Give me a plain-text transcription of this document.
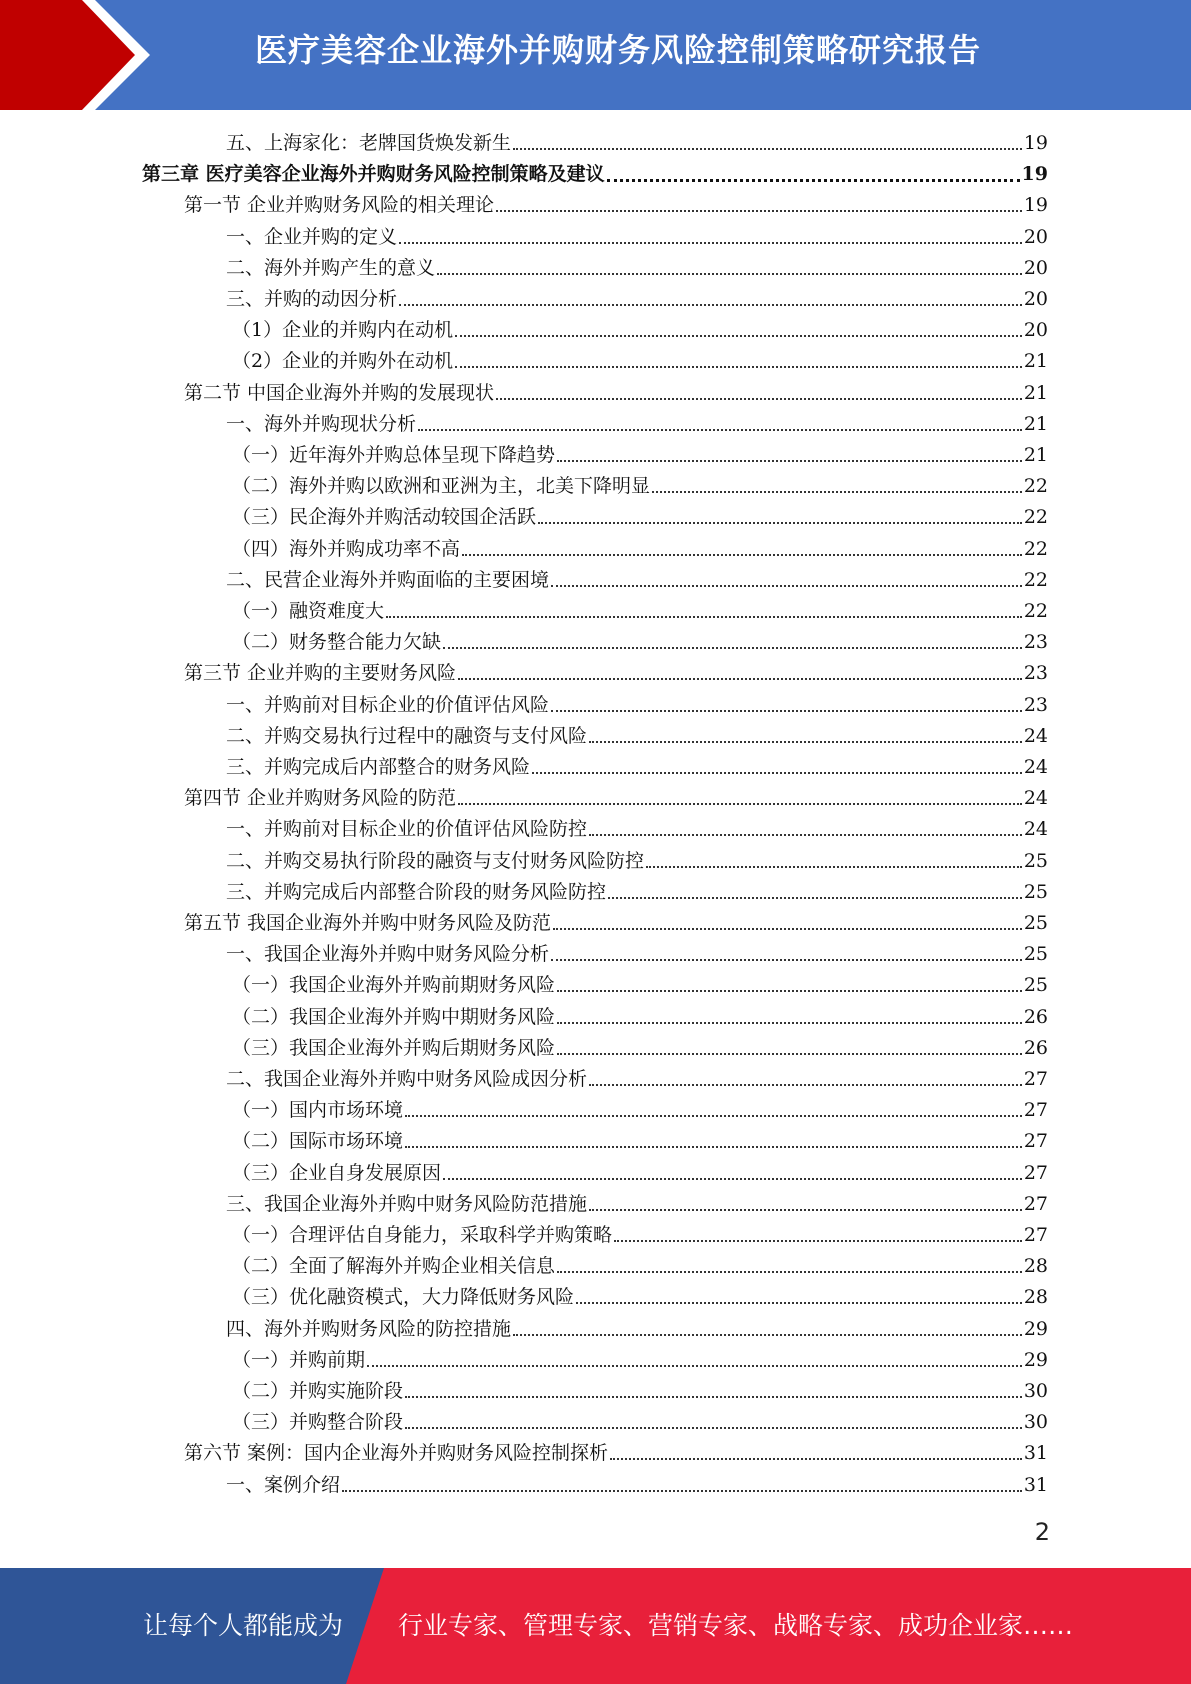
医疗美容企业海外并购财务风险控制策略研究报告
五、上海家化：老牌国货焕发新生	19
第三章 医疗美容企业海外并购财务风险控制策略及建议	19
第一节 企业并购财务风险的相关理论	19
一、企业并购的定义	20
二、海外并购产生的意义	20
三、并购的动因分析	20
（1）企业的并购内在动机	20
（2）企业的并购外在动机	21
第二节 中国企业海外并购的发展现状	21
一、海外并购现状分析	21
（一）近年海外并购总体呈现下降趋势	21
（二）海外并购以欧洲和亚洲为主，北美下降明显	22
（三）民企海外并购活动较国企活跃	22
（四）海外并购成功率不高	22
二、民营企业海外并购面临的主要困境	22
（一）融资难度大	22
（二）财务整合能力欠缺	23
第三节 企业并购的主要财务风险	23
一、并购前对目标企业的价值评估风险	23
二、并购交易执行过程中的融资与支付风险	24
三、并购完成后内部整合的财务风险	24
第四节 企业并购财务风险的防范	24
一、并购前对目标企业的价值评估风险防控	24
二、并购交易执行阶段的融资与支付财务风险防控	25
三、并购完成后内部整合阶段的财务风险防控	25
第五节 我国企业海外并购中财务风险及防范	25
一、我国企业海外并购中财务风险分析	25
（一）我国企业海外并购前期财务风险	25
（二）我国企业海外并购中期财务风险	26
（三）我国企业海外并购后期财务风险	26
二、我国企业海外并购中财务风险成因分析	27
（一）国内市场环境	27
（二）国际市场环境	27
（三）企业自身发展原因	27
三、我国企业海外并购中财务风险防范措施	27
（一）合理评估自身能力，采取科学并购策略	27
（二）全面了解海外并购企业相关信息	28
（三）优化融资模式，大力降低财务风险	28
四、海外并购财务风险的防控措施	29
（一）并购前期	29
（二）并购实施阶段	30
（三）并购整合阶段	30
第六节 案例：国内企业海外并购财务风险控制探析	31
一、案例介绍	31
2
让每个人都能成为 行业专家、管理专家、营销专家、战略专家、成功企业家……
